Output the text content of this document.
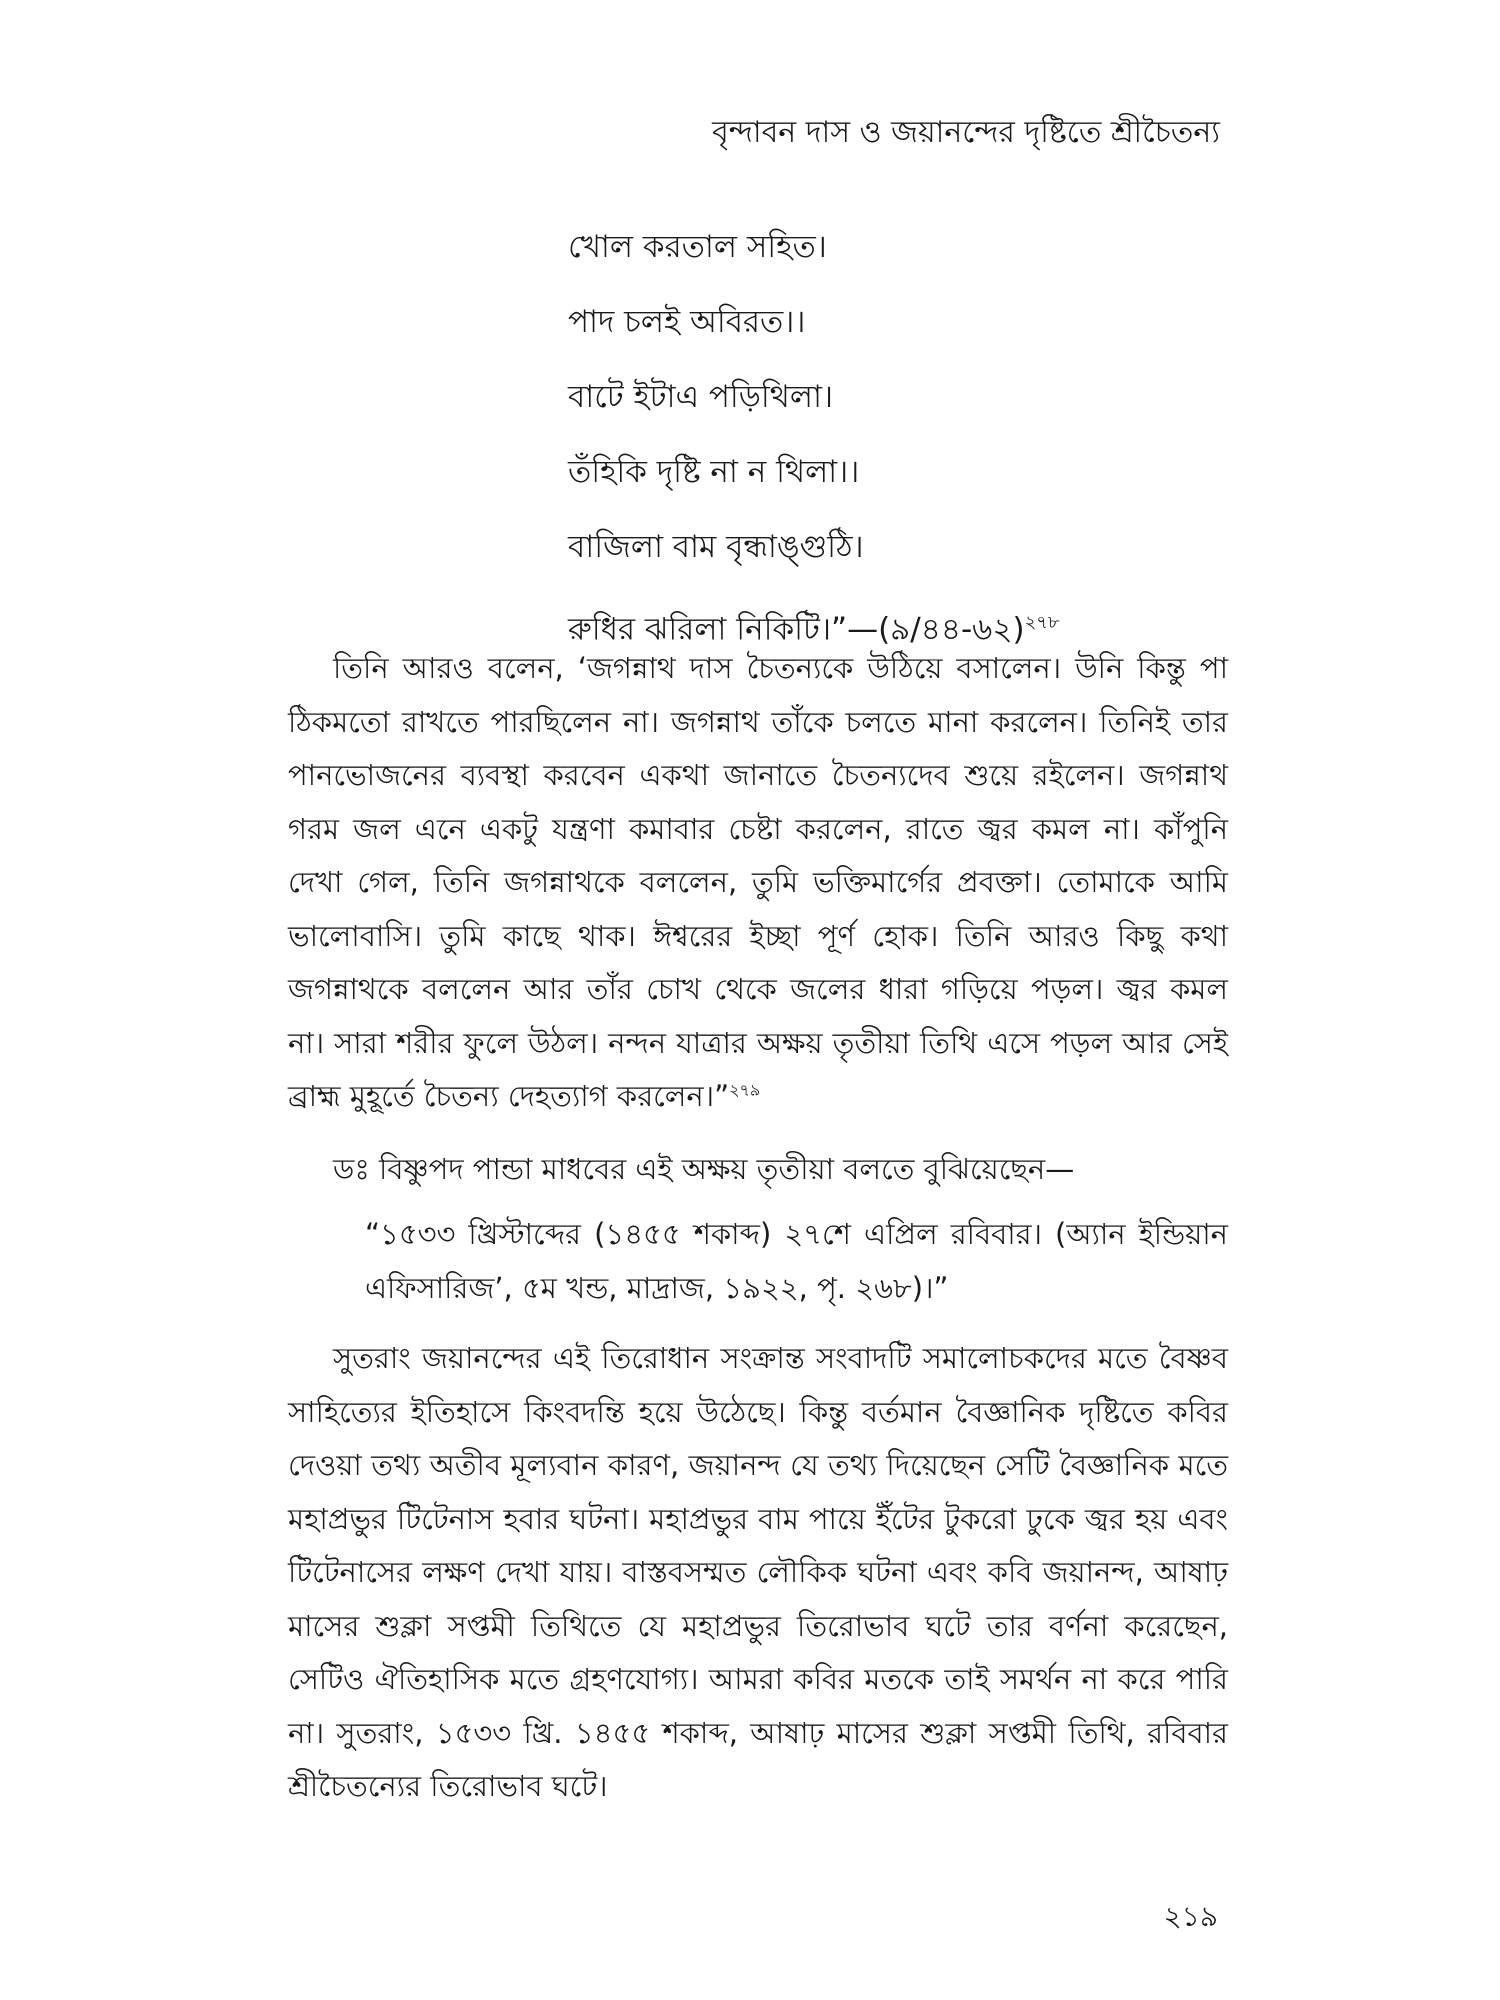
বৃন্দাবন দাস ও জয়ানন্দের দৃষ্টিতে শ্রীচৈতন্য
খোল করতাল সহিত।
পাদ চলই অবিরত।।
বাটে ইটাএ পড়িথিলা।
তঁহিকি দৃষ্টি না ন থিলা।।
বাজিলা বাম বৃন্ধাঙ্গুঠি।
রুধির ঝরিলা নিকিটি।”—(৯/৪৪-৬২)$^{২৭৮}$

তিনি আরও বলেন, ‘জগন্নাথ দাস চৈতন্যকে উঠিয়ে বসালেন। উনি কিন্তু পা ঠিকমতো রাখতে পারছিলেন না। জগন্নাথ তাঁকে চলতে মানা করলেন। তিনিই তার পানভোজনের ব্যবস্থা করবেন একথা জানাতে চৈতন্যদেব শুয়ে রইলেন। জগন্নাথ গরম জল এনে একটু যন্ত্রণা কমাবার চেষ্টা করলেন, রাতে জ্বর কমল না। কাঁপুনি দেখা গেল, তিনি জগন্নাথকে বললেন, তুমি ভক্তিমার্গের প্রবক্তা। তোমাকে আমি ভালোবাসি। তুমি কাছে থাক। ঈশ্বরের ইচ্ছা পূর্ণ হোক। তিনি আরও কিছু কথা জগন্নাথকে বললেন আর তাঁর চোখ থেকে জলের ধারা গড়িয়ে পড়ল। জ্বর কমল না। সারা শরীর ফুলে উঠল। নন্দন যাত্রার অক্ষয় তৃতীয়া তিথি এসে পড়ল আর সেই ব্রাহ্ম মুহূর্তে চৈতন্য দেহত্যাগ করলেন।”$^{২৭৯}$

ডঃ বিষ্ণুপদ পান্ডা মাধবের এই অক্ষয় তৃতীয়া বলতে বুঝিয়েছেন—

“১৫৩৩ খ্রিস্টাব্দের (১৪৫৫ শকাব্দ) ২৭শে এপ্রিল রবিবার। (অ্যান ইন্ডিয়ান এফিসারিজ’, ৫ম খন্ড, মাদ্রাজ, ১৯২২, পৃ. ২৬৮)।”

সুতরাং জয়ানন্দের এই তিরোধান সংক্রান্ত সংবাদটি সমালোচকদের মতে বৈষ্ণব সাহিত্যের ইতিহাসে কিংবদন্তি হয়ে উঠেছে। কিন্তু বর্তমান বৈজ্ঞানিক দৃষ্টিতে কবির দেওয়া তথ্য অতীব মূল্যবান কারণ, জয়ানন্দ যে তথ্য দিয়েছেন সেটি বৈজ্ঞানিক মতে মহাপ্রভুর টিটেনাস হবার ঘটনা। মহাপ্রভুর বাম পায়ে ইঁটের টুকরো ঢুকে জ্বর হয় এবং টিটেনাসের লক্ষণ দেখা যায়। বাস্তবসম্মত লৌকিক ঘটনা এবং কবি জয়ানন্দ, আষাঢ় মাসের শুক্লা সপ্তমী তিথিতে যে মহাপ্রভুর তিরোভাব ঘটে তার বর্ণনা করেছেন, সেটিও ঐতিহাসিক মতে গ্রহণযোগ্য। আমরা কবির মতকে তাই সমর্থন না করে পারি না। সুতরাং, ১৫৩৩ খ্রি. ১৪৫৫ শকাব্দ, আষাঢ় মাসের শুক্লা সপ্তমী তিথি, রবিবার শ্রীচৈতন্যের তিরোভাব ঘটে।

২১৯
